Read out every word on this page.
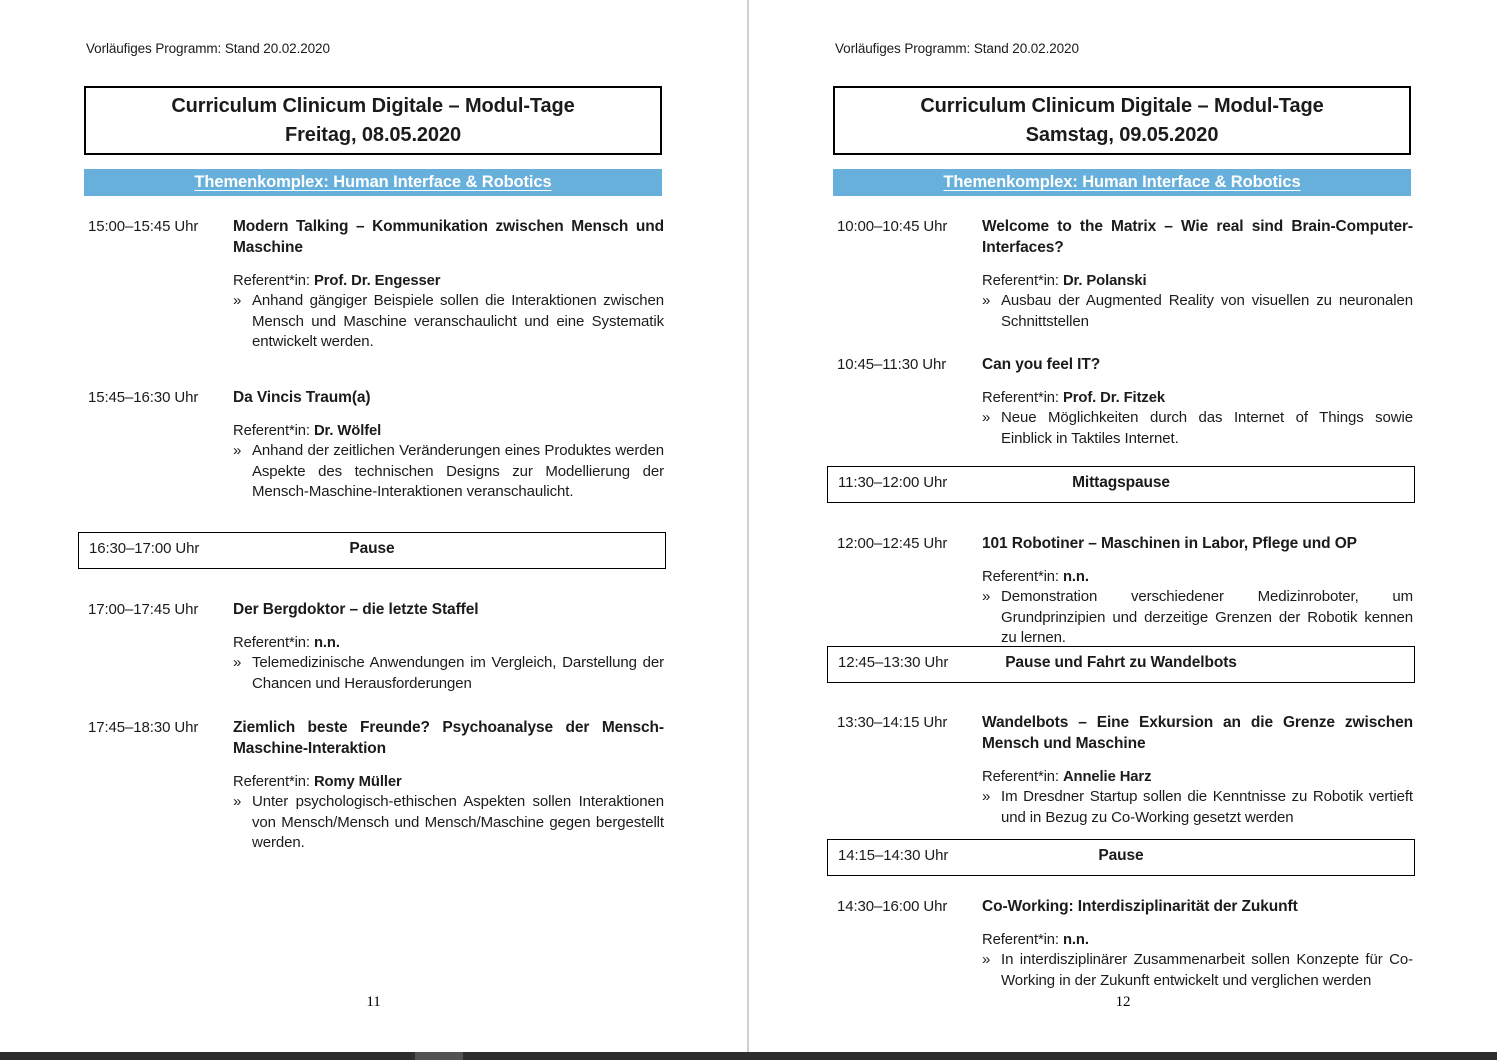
Vorläufiges Programm: Stand 20.02.2020
Curriculum Clinicum Digitale – Modul-Tage
Freitag, 08.05.2020
Themenkomplex: Human Interface & Robotics
15:00–15:45 Uhr	Modern Talking – Kommunikation zwischen Mensch und Maschine
Referent*in: Prof. Dr. Engesser
» Anhand gängiger Beispiele sollen die Interaktionen zwischen Mensch und Maschine veranschaulicht und eine Systematik entwickelt werden.

15:45–16:30 Uhr	Da Vincis Traum(a)
Referent*in: Dr. Wölfel
» Anhand der zeitlichen Veränderungen eines Produktes werden Aspekte des technischen Designs zur Modellierung der Mensch-Maschine-Interaktionen veranschaulicht.

16:30–17:00 Uhr	Pause
17:00–17:45 Uhr	Der Bergdoktor – die letzte Staffel
Referent*in: n.n.
» Telemedizinische Anwendungen im Vergleich, Darstellung der Chancen und Herausforderungen

17:45–18:30 Uhr	Ziemlich beste Freunde? Psychoanalyse der Mensch-Maschine-Interaktion
Referent*in: Romy Müller
» Unter psychologisch-ethischen Aspekten sollen Interaktionen von Mensch/Mensch und Mensch/Maschine gegen bergestellt werden.

11
Vorläufiges Programm: Stand 20.02.2020
Curriculum Clinicum Digitale – Modul-Tage
Samstag, 09.05.2020
Themenkomplex: Human Interface & Robotics
10:00–10:45 Uhr	Welcome to the Matrix – Wie real sind Brain-Computer-Interfaces?
Referent*in: Dr. Polanski
» Ausbau der Augmented Reality von visuellen zu neuronalen Schnittstellen

10:45–11:30 Uhr	Can you feel IT?
Referent*in: Prof. Dr. Fitzek
» Neue Möglichkeiten durch das Internet of Things sowie Einblick in Taktiles Internet.

11:30–12:00 Uhr	Mittagspause
12:00–12:45 Uhr	101 Robotiner – Maschinen in Labor, Pflege und OP
Referent*in: n.n.
» Demonstration verschiedener Medizinroboter, um Grundprinzipien und derzeitige Grenzen der Robotik kennen zu lernen.

12:45–13:30 Uhr	Pause und Fahrt zu Wandelbots
13:30–14:15 Uhr	Wandelbots – Eine Exkursion an die Grenze zwischen Mensch und Maschine
Referent*in: Annelie Harz
» Im Dresdner Startup sollen die Kenntnisse zu Robotik vertieft und in Bezug zu Co-Working gesetzt werden

14:15–14:30 Uhr	Pause
14:30–16:00 Uhr	Co-Working: Interdisziplinarität der Zukunft
Referent*in: n.n.
» In interdisziplinärer Zusammenarbeit sollen Konzepte für Co-Working in der Zukunft entwickelt und verglichen werden

12
